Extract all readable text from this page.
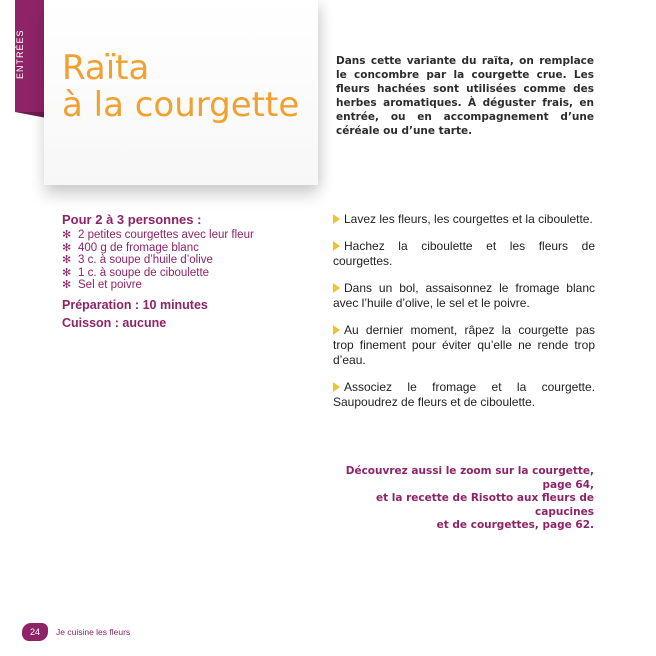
ENTRÉES	Raïta
à la courgette
Dans cette variante du raïta, on remplace le concombre par la courgette crue. Les fleurs hachées sont utilisées comme des herbes aromatiques. À déguster frais, en entrée, ou en accompagnement d’une céréale ou d’une tarte.
Pour 2 à 3 personnes :
✻ 2 petites courgettes avec leur fleur
✻ 400 g de fromage blanc
✻ 3 c. à soupe d’huile d’olive
✻ 1 c. à soupe de ciboulette
✻ Sel et poivre
Préparation : 10 minutes
Cuisson : aucune
Lavez les fleurs, les courgettes et la ciboulette.
Hachez la ciboulette et les fleurs de courgettes.
Dans un bol, assaisonnez le fromage blanc avec l’huile d’olive, le sel et le poivre.
Au dernier moment, râpez la courgette pas trop finement pour éviter qu’elle ne rende trop d’eau.
Associez le fromage et la courgette. Saupoudrez de fleurs et de ciboulette.
Découvrez aussi le zoom sur la courgette, page 64,
et la recette de Risotto aux fleurs de capucines
et de courgettes, page 62.
24	Je cuisine les fleurs
